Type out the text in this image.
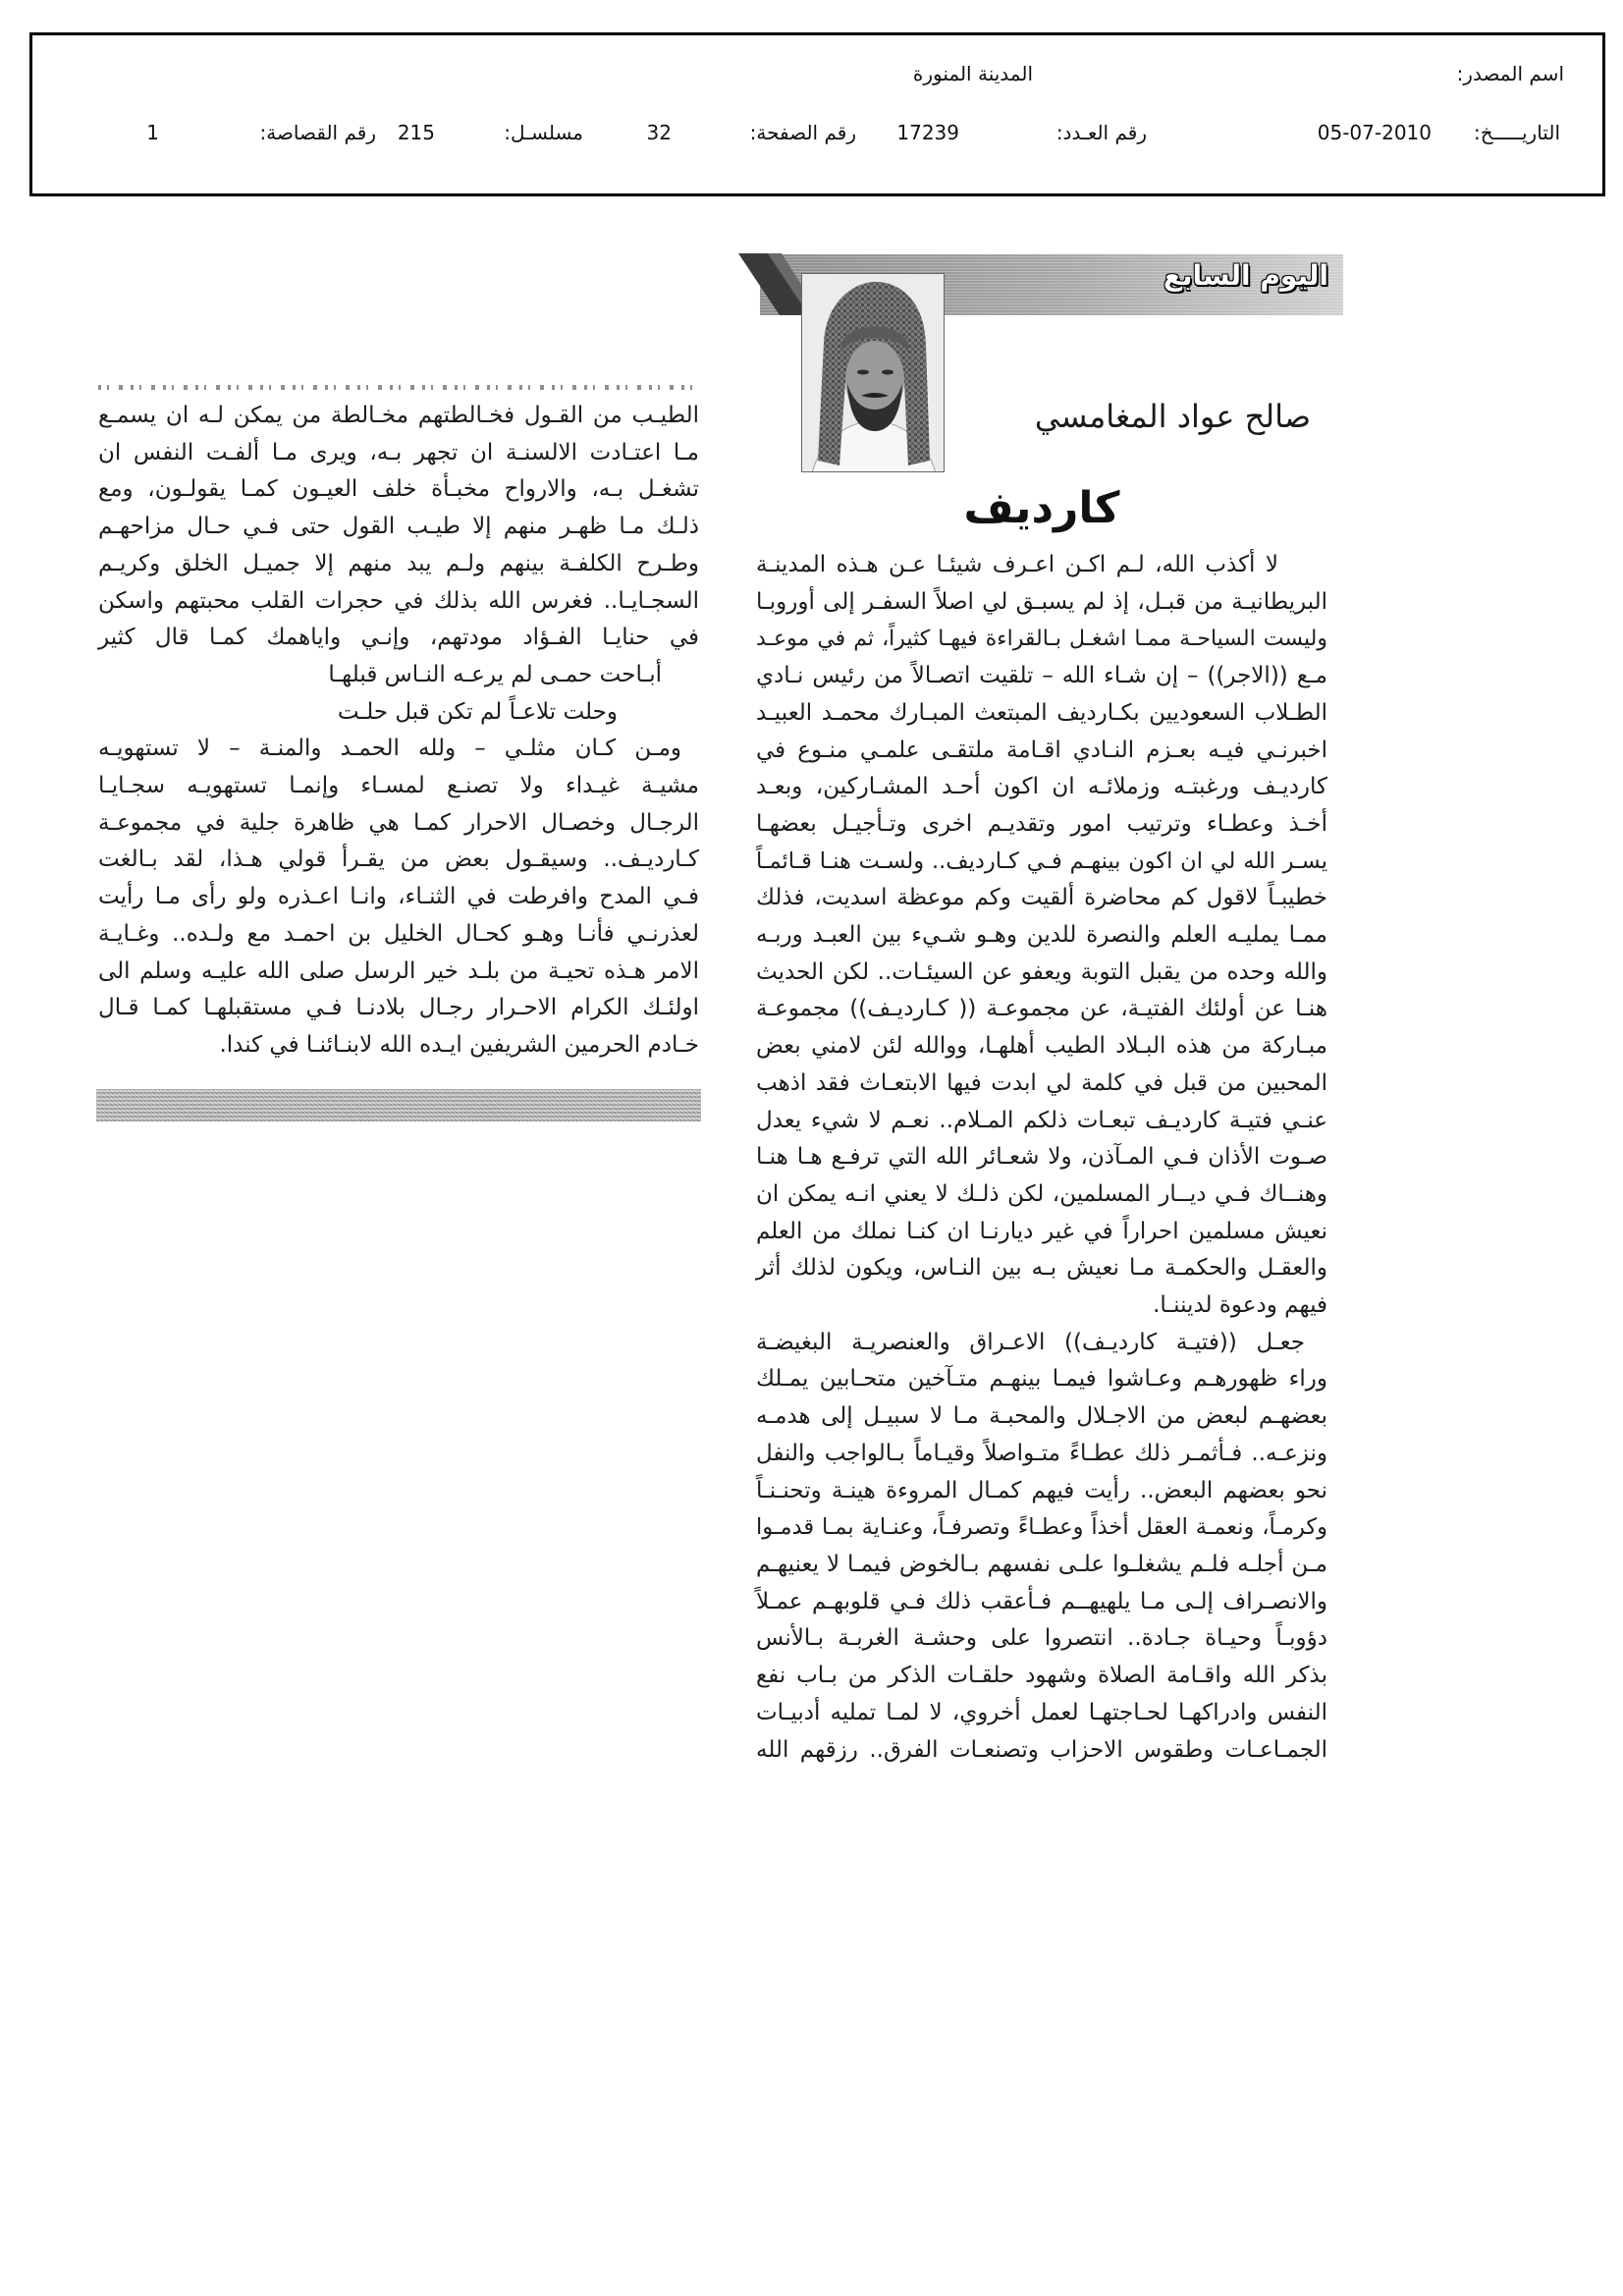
اسم المصدر:
المدينة المنورة
التاريـــــخ:
05-07-2010
رقم العـدد:
17239
رقم الصفحة:
32
مسلسـل:
215
رقم القصاصة:
1
اليوم السابع
صالح عواد المغامسي
كارديف
لا أكذب الله، لـم اكـن اعـرف شيئـا عـن هـذه المدينـة
البريطانيـة من قبـل، إذ لم يسبـق لي اصلاً السفـر إلى أوروبـا
وليست السياحـة ممـا اشغـل بـالقراءة فيهـا كثيراً، ثم في موعـد
مـع ((الاجر)) – إن شـاء الله – تلقيت اتصـالاً من رئيس نـادي
الطـلاب السعوديين بكـارديف المبتعث المبـارك محمـد العبيـد
اخبرنـي فيـه بعـزم النـادي اقـامة ملتقـى علمـي منـوع في
كارديـف ورغبتـه وزملائـه ان اكون أحـد المشـاركين، وبعـد
أخـذ وعطـاء وترتيب امور وتقديـم اخرى وتـأجيـل بعضهـا
يسـر الله لي ان اكون بينهـم فـي كـارديف.. ولسـت هنـا قـائمـاً
خطيبـاً لاقول كم محاضرة ألقيت وكم موعظة اسديت، فذلك
ممـا يمليـه العلم والنصرة للدين وهـو شـيء بين العبـد وربـه
والله وحده من يقبل التوبة ويعفو عن السيئـات.. لكن الحديث
هنـا عن أولئك الفتيـة، عن مجموعـة (( كـارديـف)) مجموعـة
مبـاركة من هذه البـلاد الطيب أهلهـا، ووالله لئن لامني بعض
المحبين من قبل في كلمة لي ابدت فيها الابتعـاث فقد اذهب
عنـي فتيـة كارديـف تبعـات ذلكم المـلام.. نعـم لا شيء يعدل
صـوت الأذان فـي المـآذن، ولا شعـائر الله التي ترفـع هـا هنـا
وهنــاك فـي ديــار المسلمين، لكن ذلـك لا يعني انـه يمكن ان
نعيش مسلمين احراراً في غير ديارنـا ان كنـا نملك من العلم
والعقـل والحكمـة مـا نعيش بـه بين النـاس، ويكون لذلك أثر
فيهم ودعوة لديننـا.
جعـل ((فتيـة كارديـف)) الاعـراق والعنصريـة البغيضـة
وراء ظهورهـم وعـاشوا فيمـا بينهـم متـآخين متحـابين يمـلك
بعضهـم لبعض من الاجـلال والمحبـة مـا لا سبيـل إلى هدمـه
ونزعـه.. فـأثمـر ذلك عطـاءً متـواصلاً وقيـاماً بـالواجب والنفل
نحو بعضهم البعض.. رأيت فيهم كمـال المروءة هينـة وتحنـنـاً
وكرمـاً، ونعمـة العقل أخذاً وعطـاءً وتصرفـاً، وعنـاية بمـا قدمـوا
مـن أجلـه فلـم يشغلـوا علـى نفسهم بـالخوض فيمـا لا يعنيهـم
والانصـراف إلـى مـا يلهيهــم فـأعقب ذلك فـي قلوبهـم عمـلاً
دؤوبـاً وحيـاة جـادة.. انتصروا على وحشـة الغربـة بـالأنس
بذكر الله واقـامة الصلاة وشهود حلقـات الذكر من بـاب نفع
النفس وادراكهـا لحـاجتهـا لعمل أخروي، لا لمـا تمليه أدبيـات
الجمـاعـات وطقوس الاحزاب وتصنعـات الفرق.. رزقهم الله
الطيـب من القـول فخـالطتهم مخـالطة من يمكن لـه ان يسمـع
مـا اعتـادت الالسنـة ان تجهر بـه، ويرى مـا ألفـت النفس ان
تشغـل بـه، والارواح مخبـأة خلف العيـون كمـا يقولـون، ومع
ذلـك مـا ظهـر منهم إلا طيـب القول حتى فـي حـال مزاحهـم
وطـرح الكلفـة بينهم ولـم يبد منهم إلا جميـل الخلق وكريـم
السجـايـا.. فغرس الله بذلك في حجرات القلب محبتهم واسكن
في حنايـا الفـؤاد مودتهم، وإنـي واياهمك كمـا قال كثير
أبـاحت حمـى لم يرعـه النـاس قبلهـا
وحلت تلاعـاً لم تكن قبل حلـت
ومـن كـان مثلـي – ولله الحمـد والمنـة – لا تستهويـه
مشيـة غيـداء ولا تصنـع لمسـاء وإنمـا تستهويـه سجـايـا
الرجـال وخصـال الاحرار كمـا هي ظاهرة جلية في مجموعـة
كـارديـف.. وسيقـول بعض من يقـرأ قولي هـذا، لقد بـالغت
فـي المدح وافرطت في الثنـاء، وانـا اعـذره ولو رأى مـا رأيت
لعذرنـي فأنـا وهـو كحـال الخليل بن احمـد مع ولـده.. وغـايـة
الامر هـذه تحيـة من بلـد خير الرسل صلى الله عليـه وسلم الى
اولئـك الكرام الاحـرار رجـال بلادنـا فـي مستقبلهـا كمـا قـال
خـادم الحرمين الشريفين ايـده الله لابنـائنـا في كندا.
